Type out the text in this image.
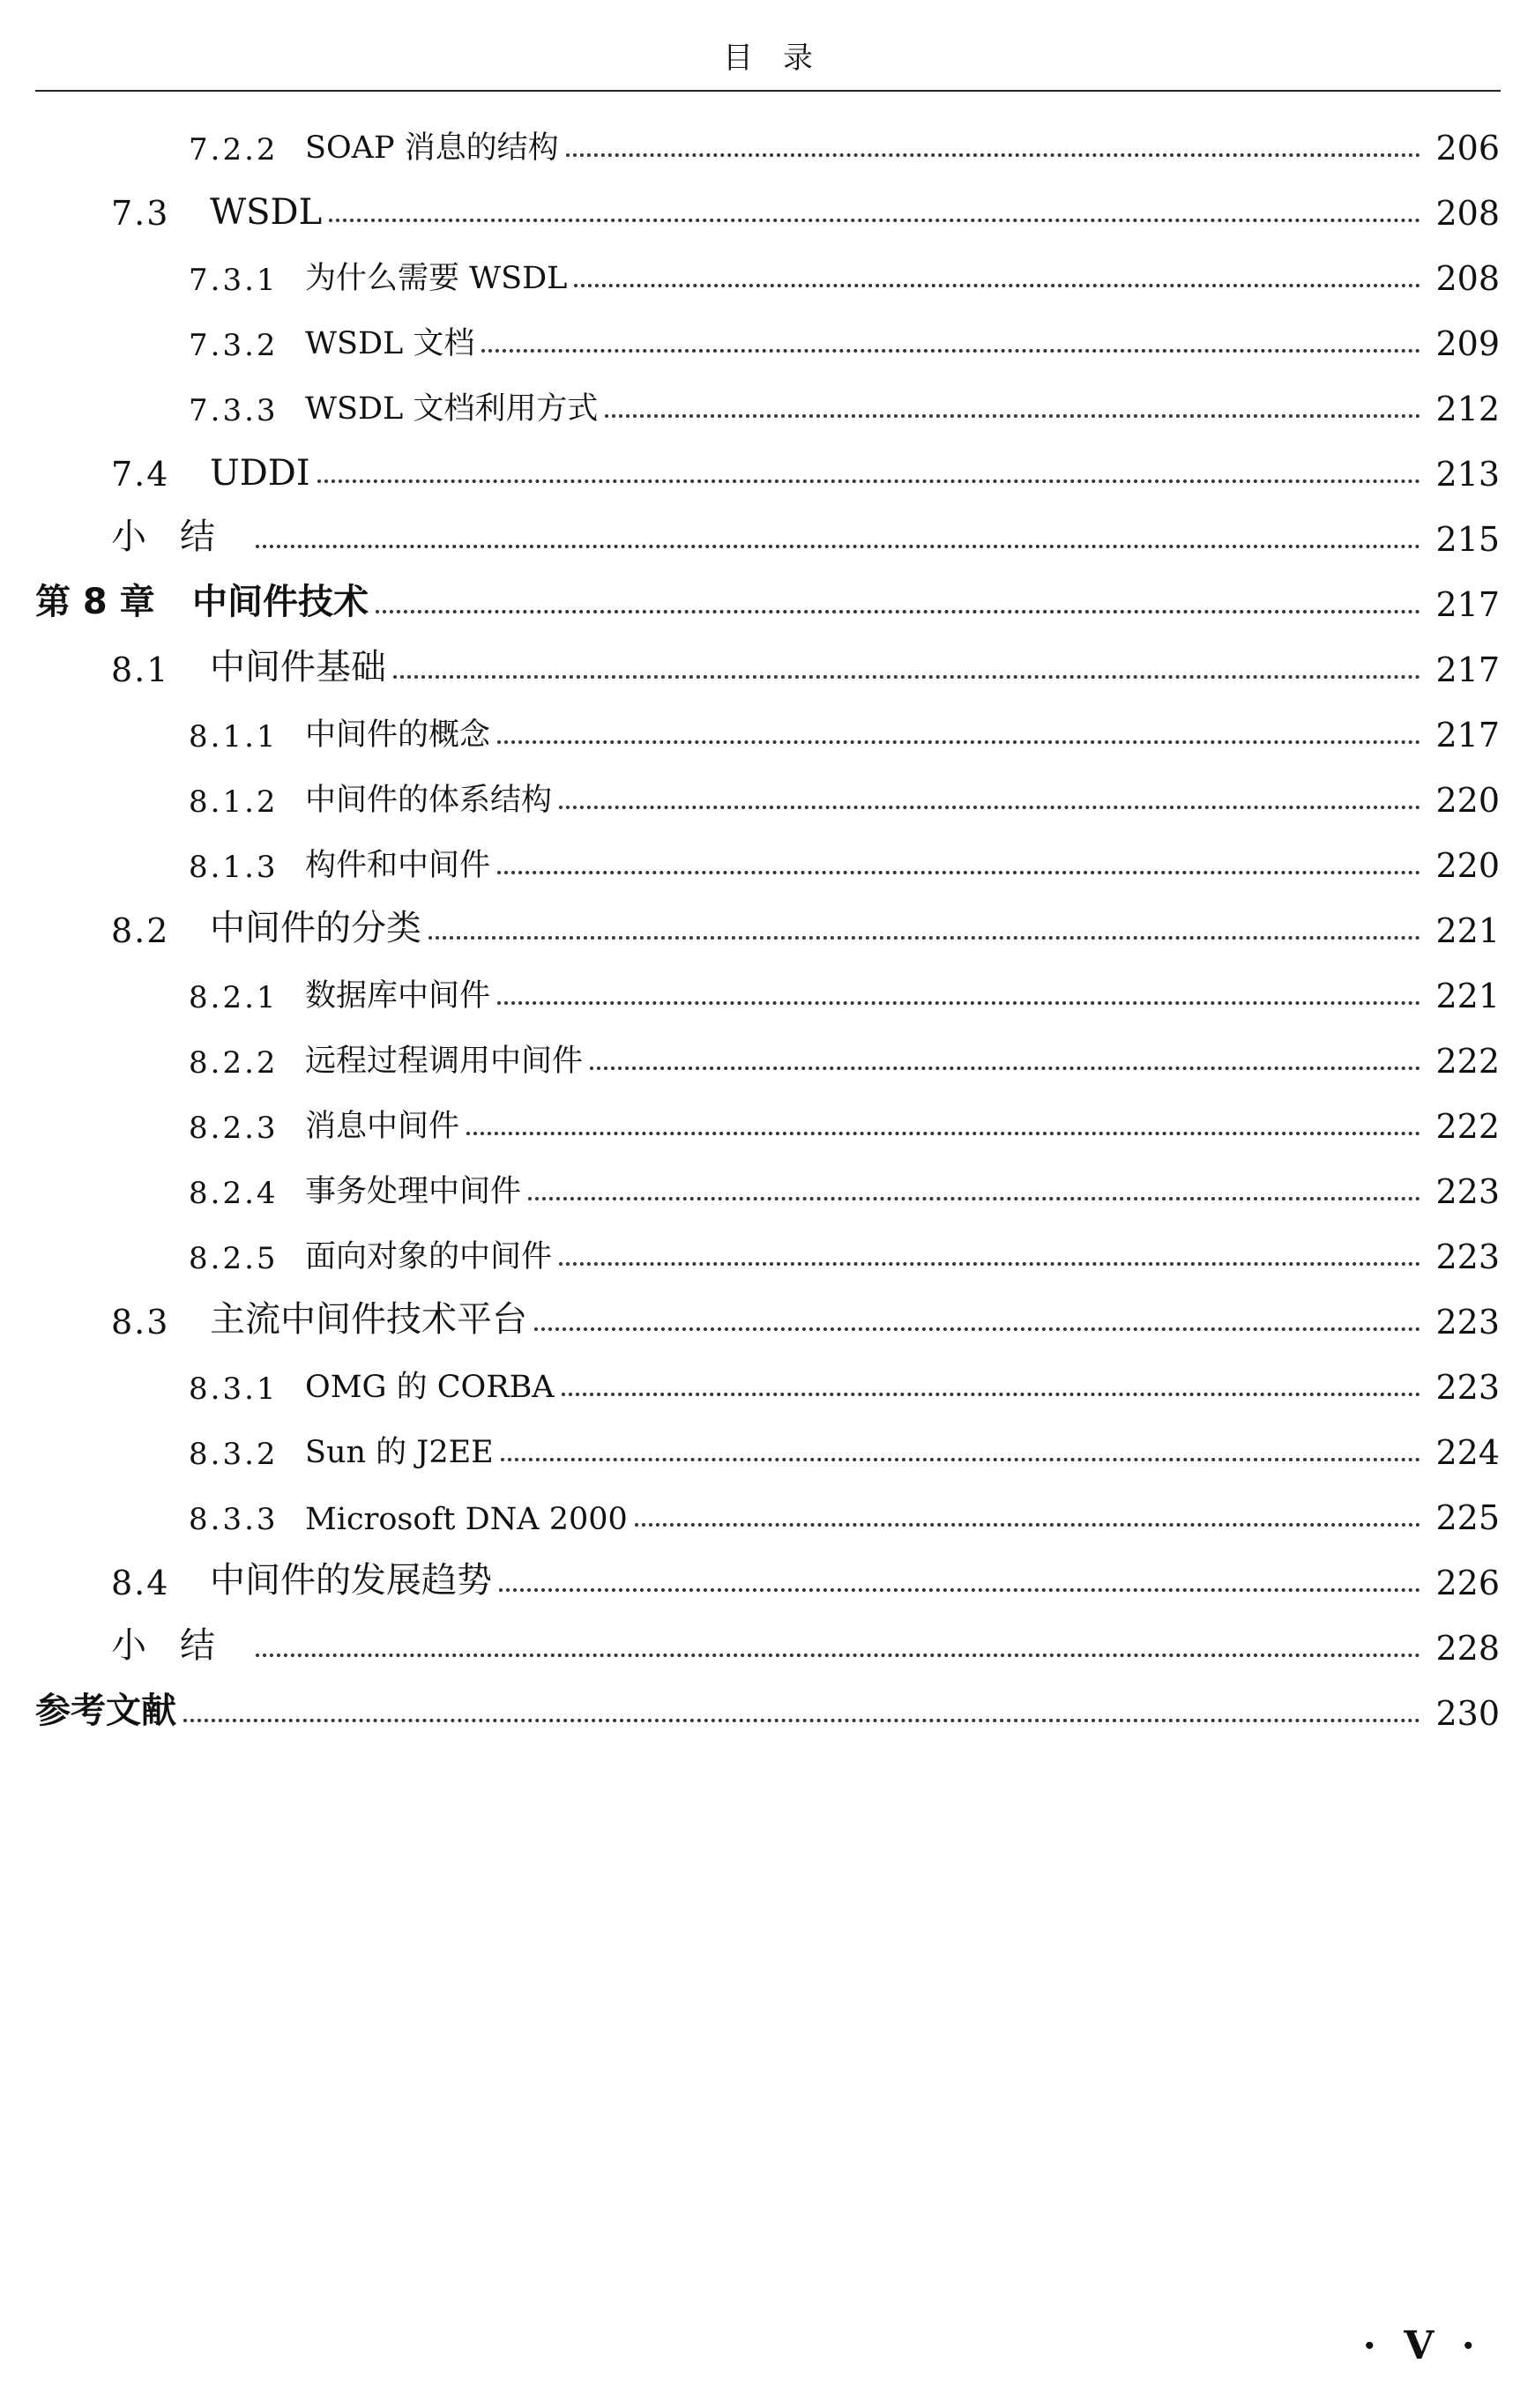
目　录
7.2.2 SOAP 消息的结构	206
7.3 WSDL	208
7.3.1 为什么需要 WSDL	208
7.3.2 WSDL 文档	209
7.3.3 WSDL 文档利用方式	212
7.4 UDDI	213
小结	215
第 8 章 中间件技术	217
8.1 中间件基础	217
8.1.1 中间件的概念	217
8.1.2 中间件的体系结构	220
8.1.3 构件和中间件	220
8.2 中间件的分类	221
8.2.1 数据库中间件	221
8.2.2 远程过程调用中间件	222
8.2.3 消息中间件	222
8.2.4 事务处理中间件	223
8.2.5 面向对象的中间件	223
8.3 主流中间件技术平台	223
8.3.1 OMG 的 CORBA	223
8.3.2 Sun 的 J2EE	224
8.3.3 Microsoft DNA 2000	225
8.4 中间件的发展趋势	226
小结	228
参考文献	230
· V ·
